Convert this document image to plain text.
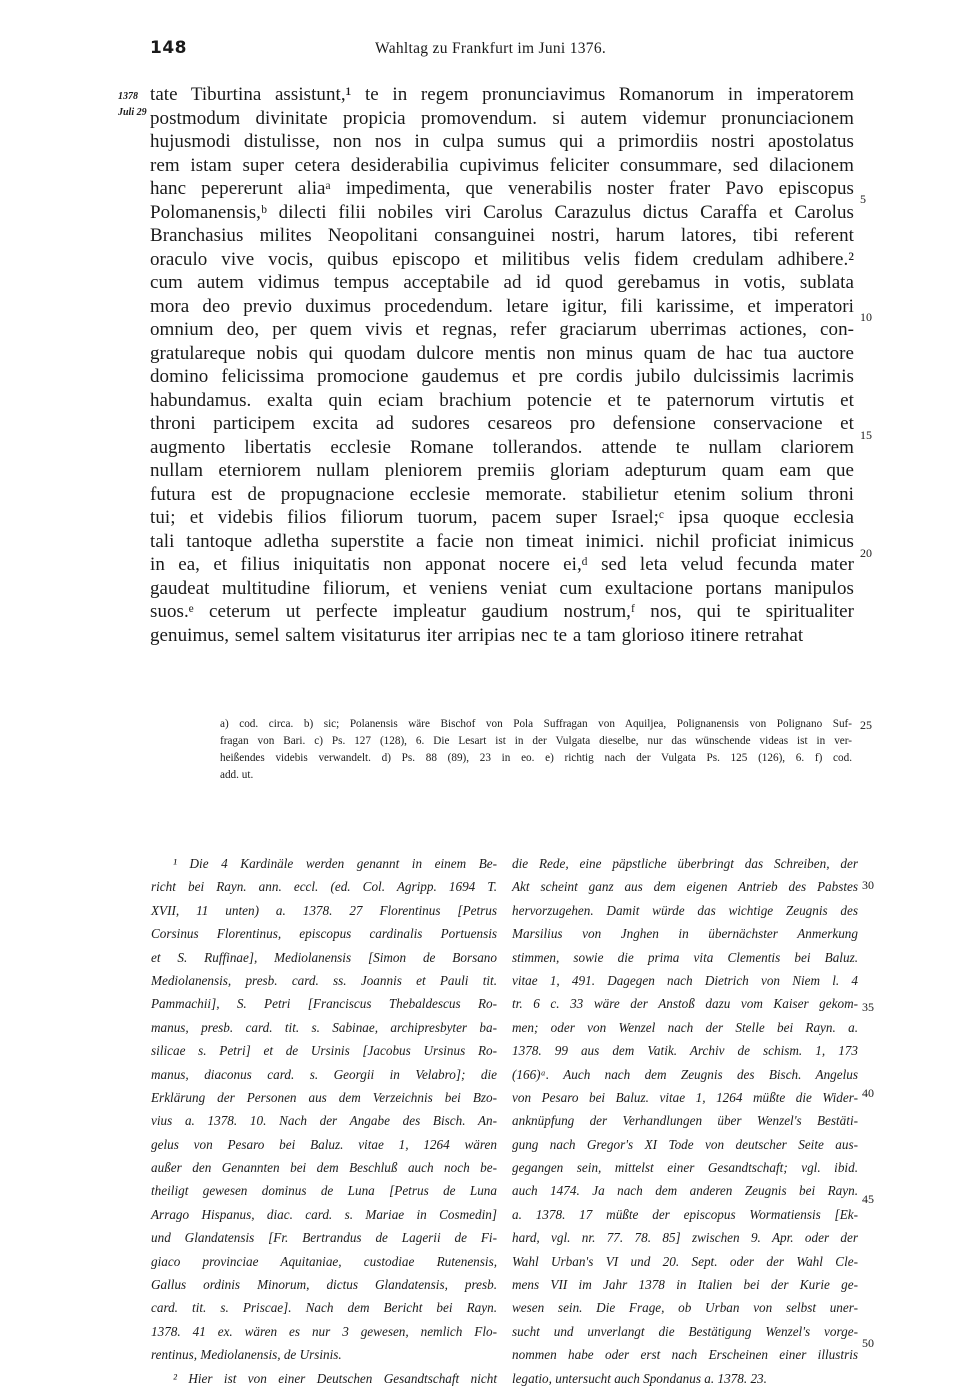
148	Wahltag zu Frankfurt im Juni 1376.
1378
Juli 29
tate Tiburtina assistunt,¹ te in regem pronunciavimus Romanorum in imperatorem
postmodum divinitate propicia promovendum. si autem videmur pronunciacionem
hujusmodi distulisse, non nos in culpa sumus qui a primordiis nostri apostolatus
rem istam super cetera desiderabilia cupivimus feliciter consummare, sed dilacionem
hanc pepererunt aliaᵃ impedimenta, que venerabilis noster frater Pavo episcopus
Polomanensis,ᵇ dilecti filii nobiles viri Carolus Carazulus dictus Caraffa et Carolus
Branchasius milites Neopolitani consanguinei nostri, harum latores, tibi referent
oraculo vive vocis, quibus episcopo et militibus velis fidem credulam adhibere.²
cum autem vidimus tempus acceptabile ad id quod gerebamus in votis, sublata
mora deo previo duximus procedendum. letare igitur, fili karissime, et imperatori
omnium deo, per quem vivis et regnas, refer graciarum uberrimas actiones, con-
gratulareque nobis qui quodam dulcore mentis non minus quam de hac tua auctore
domino felicissima promocione gaudemus et pre cordis jubilo dulcissimis lacrimis
habundamus. exalta quin eciam brachium potencie et te paternorum virtutis et
throni participem excita ad sudores cesareos pro defensione conservacione et
augmento libertatis ecclesie Romane tollerandos. attende te nullam clariorem
nullam eterniorem nullam pleniorem premiis gloriam adepturum quam eam que
futura est de propugnacione ecclesie memorate. stabilietur etenim solium throni
tui; et videbis filios filiorum tuorum, pacem super Israel;ᶜ ipsa quoque ecclesia
tali tantoque adletha superstite a facie non timeat inimici. nichil proficiat inimicus
in ea, et filius iniquitatis non apponat nocere ei,ᵈ sed leta velud fecunda mater
gaudeat multitudine filiorum, et veniens veniat cum exultacione portans manipulos
suos.ᵉ ceterum ut perfecte impleatur gaudium nostrum,ᶠ nos, qui te spiritualiter
genuimus, semel saltem visitaturus iter arripias nec te a tam glorioso itinere retrahat
5
10
15
20
a) cod. circa. b) sic; Polanensis wäre Bischof von Pola Suffragan von Aquiljea, Polignanensis von Polignano Suf-
fragan von Bari. c) Ps. 127 (128), 6. Die Lesart ist in der Vulgata dieselbe, nur das wünschende videas ist in ver-
heißendes videbis verwandelt. d) Ps. 88 (89), 23 in eo. e) richtig nach der Vulgata Ps. 125 (126), 6. f) cod.
add. ut.
25
¹ Die 4 Kardinäle werden genannt in einem Be-
richt bei Rayn. ann. eccl. (ed. Col. Agripp. 1694 T.
XVII, 11 unten) a. 1378. 27 Florentinus [Petrus
Corsinus Florentinus, episcopus cardinalis Portuensis
et S. Ruffinae], Mediolanensis [Simon de Borsano
Mediolanensis, presb. card. ss. Joannis et Pauli tit.
Pammachii], S. Petri [Franciscus Thebaldescus Ro-
manus, presb. card. tit. s. Sabinae, archipresbyter ba-
silicae s. Petri] et de Ursinis [Jacobus Ursinus Ro-
manus, diaconus card. s. Georgii in Velabro]; die
Erklärung der Personen aus dem Verzeichnis bei Bzo-
vius a. 1378. 10. Nach der Angabe des Bisch. An-
gelus von Pesaro bei Baluz. vitae 1, 1264 wären
außer den Genannten bei dem Beschluß auch noch be-
theiligt gewesen dominus de Luna [Petrus de Luna
Arrago Hispanus, diac. card. s. Mariae in Cosmedin]
und Glandatensis [Fr. Bertrandus de Lagerii de Fi-
giaco provinciae Aquitaniae, custodiae Rutenensis,
Gallus ordinis Minorum, dictus Glandatensis, presb.
card. tit. s. Priscae]. Nach dem Bericht bei Rayn.
1378. 41 ex. wären es nur 3 gewesen, nemlich Flo-
rentinus, Mediolanensis, de Ursinis.
² Hier ist von einer Deutschen Gesandtschaft nicht
die Rede, eine päpstliche überbringt das Schreiben, der
Akt scheint ganz aus dem eigenen Antrieb des Pabstes
hervorzugehen. Damit würde das wichtige Zeugnis des
Marsilius von Jnghen in übernächster Anmerkung
stimmen, sowie die prima vita Clementis bei Baluz.
vitae 1, 491. Dagegen nach Dietrich von Niem l. 4
tr. 6 c. 33 wäre der Anstoß dazu vom Kaiser gekom-
men; oder von Wenzel nach der Stelle bei Rayn. a.
1378. 99 aus dem Vatik. Archiv de schism. 1, 173
(166)ᵃ. Auch nach dem Zeugnis des Bisch. Angelus
von Pesaro bei Baluz. vitae 1, 1264 müßte die Wider-
anknüpfung der Verhandlungen über Wenzel's Bestäti-
gung nach Gregor's XI Tode von deutscher Seite aus-
gegangen sein, mittelst einer Gesandtschaft; vgl. ibid.
auch 1474. Ja nach dem anderen Zeugnis bei Rayn.
a. 1378. 17 müßte der episcopus Wormatiensis [Ek-
hard, vgl. nr. 77. 78. 85] zwischen 9. Apr. oder der
Wahl Urban's VI und 20. Sept. oder der Wahl Cle-
mens VII im Jahr 1378 in Italien bei der Kurie ge-
wesen sein. Die Frage, ob Urban von selbst uner-
sucht und unverlangt die Bestätigung Wenzel's vorge-
nommen habe oder erst nach Erscheinen einer illustris
legatio, untersucht auch Spondanus a. 1378. 23.
30
35
40
45
50
